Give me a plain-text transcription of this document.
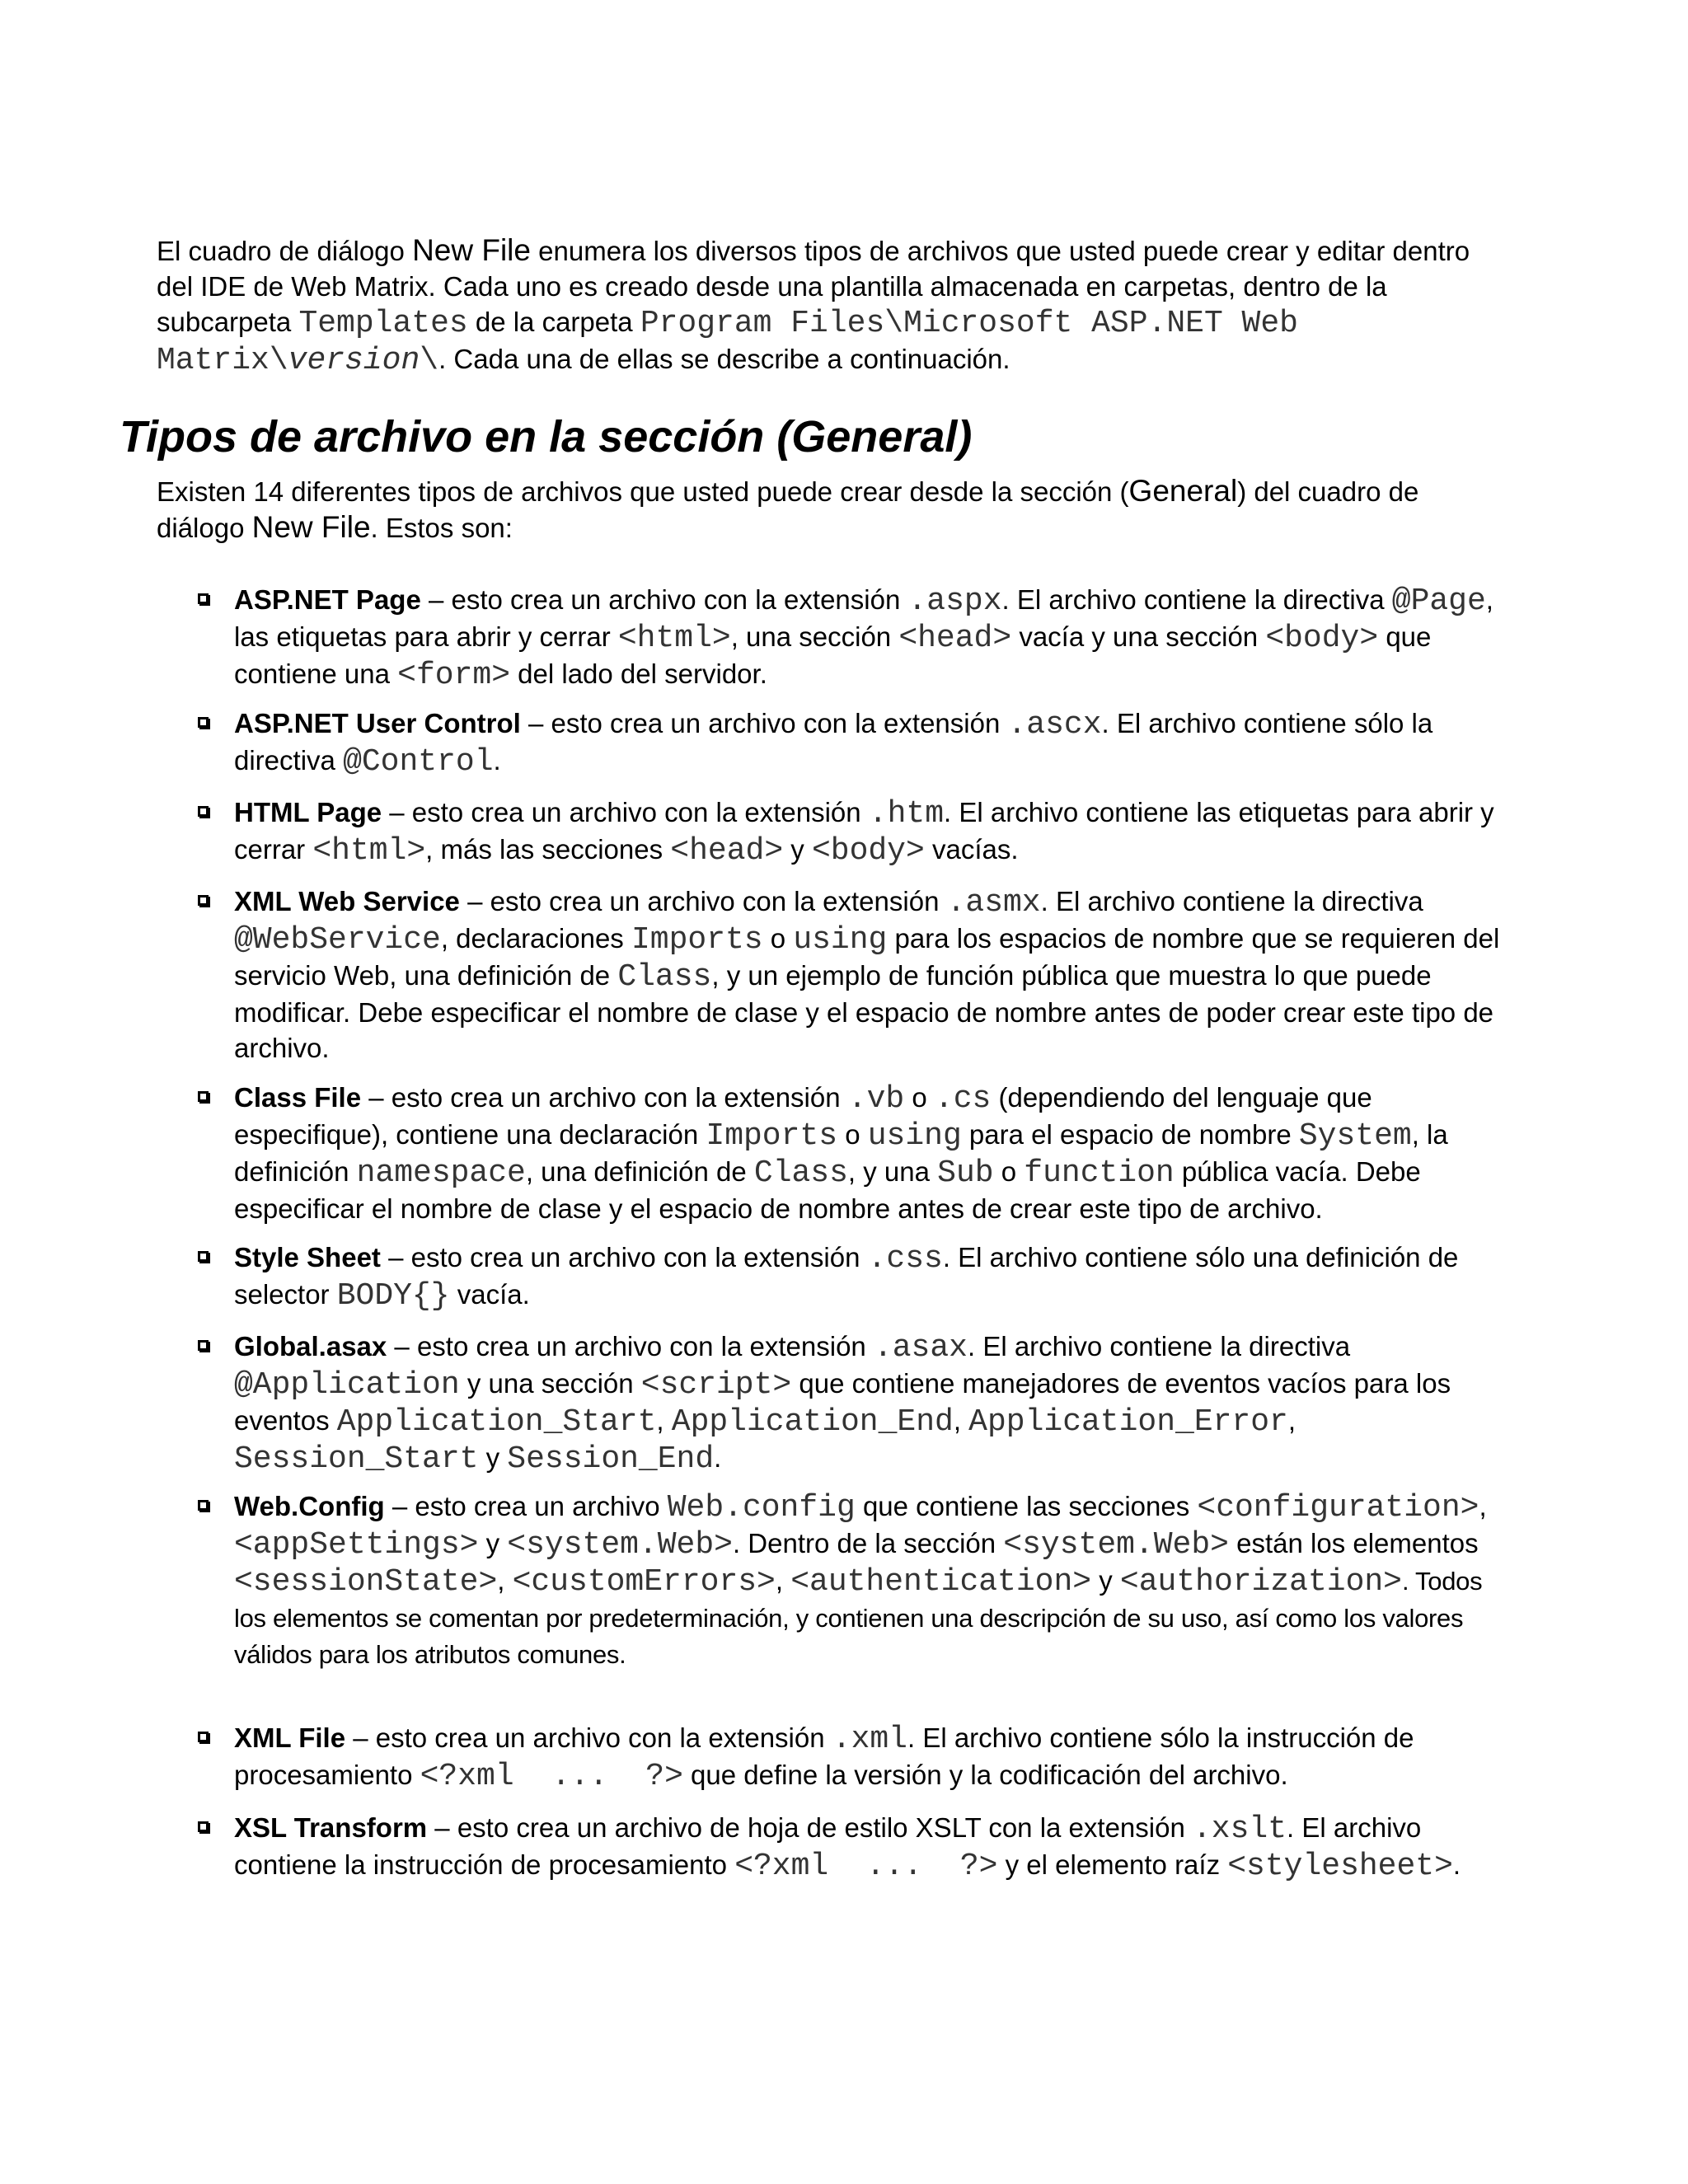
El cuadro de diálogo New File enumera los diversos tipos de archivos que usted puede crear y editar dentro del IDE de Web Matrix. Cada uno es creado desde una plantilla almacenada en carpetas, dentro de la subcarpeta Templates de la carpeta Program Files\Microsoft ASP.NET Web Matrix\version\. Cada una de ellas se describe a continuación.

Tipos de archivo en la sección (General)

Existen 14 diferentes tipos de archivos que usted puede crear desde la sección (General) del cuadro de diálogo New File. Estos son:

ASP.NET Page – esto crea un archivo con la extensión .aspx. El archivo contiene la directiva @Page, las etiquetas para abrir y cerrar <html>, una sección <head> vacía y una sección <body> que contiene una <form> del lado del servidor.
ASP.NET User Control – esto crea un archivo con la extensión .ascx. El archivo contiene sólo la directiva @Control.
HTML Page – esto crea un archivo con la extensión .htm. El archivo contiene las etiquetas para abrir y cerrar <html>, más las secciones <head> y <body> vacías.
XML Web Service – esto crea un archivo con la extensión .asmx. El archivo contiene la directiva @WebService, declaraciones Imports o using para los espacios de nombre que se requieren del servicio Web, una definición de Class, y un ejemplo de función pública que muestra lo que puede modificar. Debe especificar el nombre de clase y el espacio de nombre antes de poder crear este tipo de archivo.
Class File – esto crea un archivo con la extensión .vb o .cs (dependiendo del lenguaje que especifique), contiene una declaración Imports o using para el espacio de nombre System, la definición namespace, una definición de Class, y una Sub o function pública vacía. Debe especificar el nombre de clase y el espacio de nombre antes de crear este tipo de archivo.
Style Sheet – esto crea un archivo con la extensión .css. El archivo contiene sólo una definición de selector BODY{} vacía.
Global.asax – esto crea un archivo con la extensión .asax. El archivo contiene la directiva @Application y una sección <script> que contiene manejadores de eventos vacíos para los eventos Application_Start, Application_End, Application_Error, Session_Start y Session_End.
Web.Config – esto crea un archivo Web.config que contiene las secciones <configuration>, <appSettings> y <system.Web>. Dentro de la sección <system.Web> están los elementos <sessionState>, <customErrors>, <authentication> y <authorization>. Todos los elementos se comentan por predeterminación, y contienen una descripción de su uso, así como los valores válidos para los atributos comunes.
XML File – esto crea un archivo con la extensión .xml. El archivo contiene sólo la instrucción de procesamiento <?xml  ...  ?> que define la versión y la codificación del archivo.
XSL Transform – esto crea un archivo de hoja de estilo XSLT con la extensión .xslt. El archivo contiene la instrucción de procesamiento <?xml  ...  ?> y el elemento raíz <stylesheet>.
